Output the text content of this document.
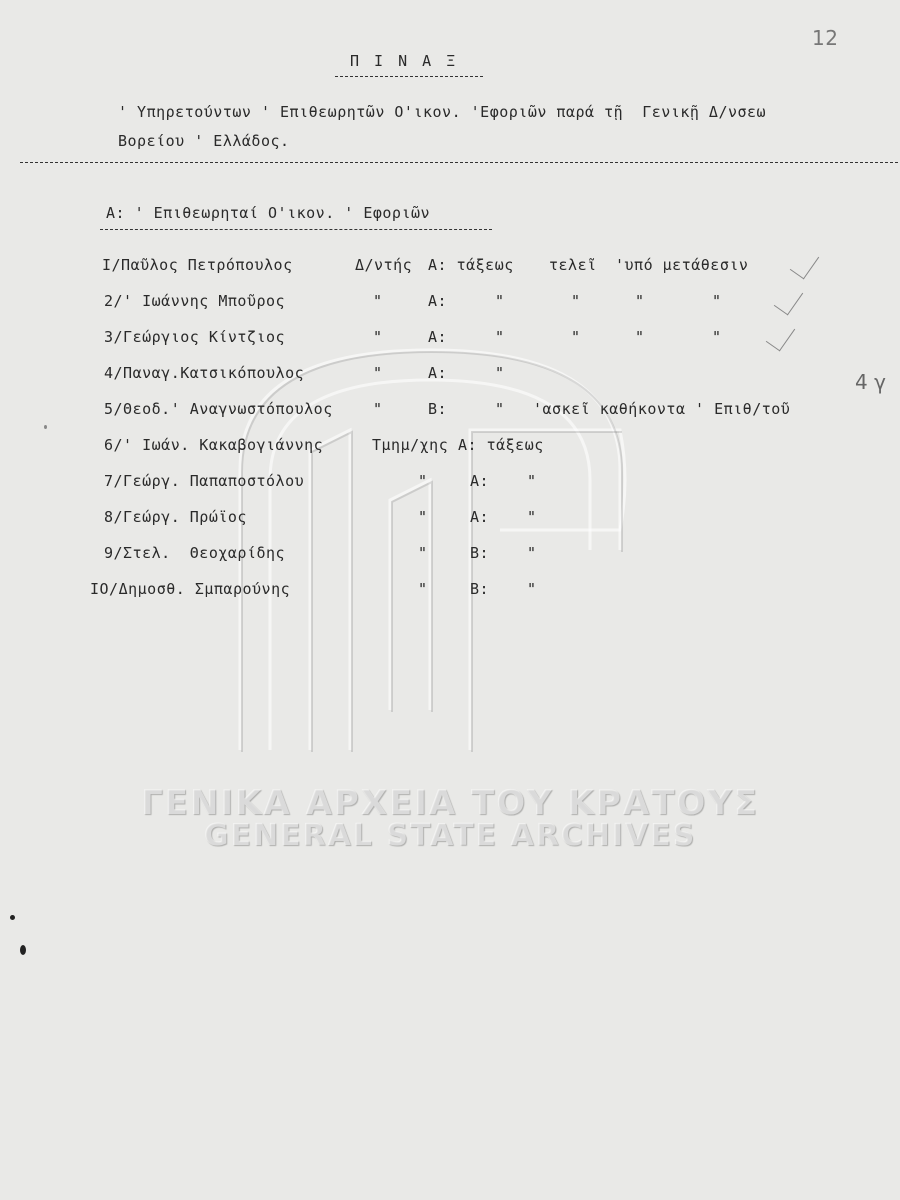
12
Π Ι Ν Α Ξ
' Υπηρετούντων ' Επιθεωρητῶν Ο'ικον. 'Εφοριῶν παρά τῇ  Γενικῇ Δ/νσεω
Βορείου ' Ελλάδος.
Α: ' Επιθεωρηταί Ο'ικον. ' Εφοριῶν
Ι/Παῦλος Πετρόπουλος	Δ/ντής Α: τάξεως τελεῖ 'υπό μετάθεσιν
2/' Ιωάννης Μποῦρος	"	Α:	"	"	"	"
3/Γεώργιος Κίντζιος	"	Α:	"	"	"	"
4/Παναγ.Κατσικόπουλος	"	Α:	"
5/Θεοδ.' Αναγνωστόπουλος	"	Β:	" 'ασκεῖ καθήκοντα ' Επιθ/τοῦ
6/' Ιωάν. Κακαβογιάννης	Τμημ/χης Α: τάξεως
7/Γεώργ. Παπαποστόλου	"	Α:	"
8/Γεώργ. Πρώϊος	"	Α:	"
9/Στελ.  Θεοχαρίδης	"	Β:	"
ΙΟ/Δημοσθ. Σμπαρούνης	"	Β:	"
4 γ
ΓΕΝΙΚΑ ΑΡΧΕΙΑ ΤΟΥ ΚΡΑΤΟΥΣ
GENERAL STATE ARCHIVES
